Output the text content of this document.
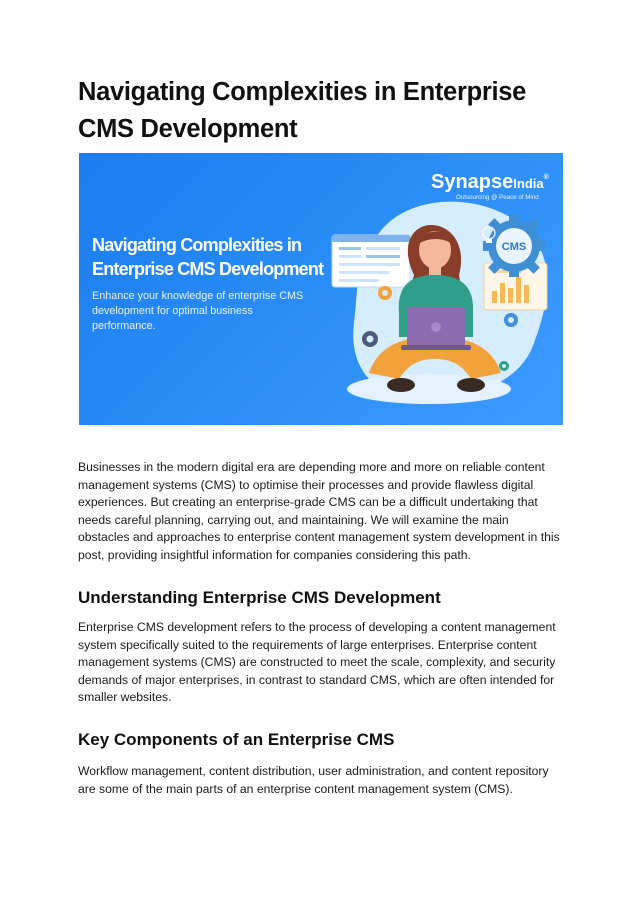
Navigating Complexities in Enterprise CMS Development
CMS
SynapseIndia®
Outsourcing @ Peace of Mind
Navigating Complexities in
Enterprise CMS Development
Enhance your knowledge of enterprise CMS
development for optimal business
performance.

Businesses in the modern digital era are depending more and more on reliable content management systems (CMS) to optimise their processes and provide flawless digital experiences. But creating an enterprise-grade CMS can be a difficult undertaking that needs careful planning, carrying out, and maintaining. We will examine the main obstacles and approaches to enterprise content management system development in this post, providing insightful information for companies considering this path.

Understanding Enterprise CMS Development

Enterprise CMS development refers to the process of developing a content management system specifically suited to the requirements of large enterprises. Enterprise content management systems (CMS) are constructed to meet the scale, complexity, and security demands of major enterprises, in contrast to standard CMS, which are often intended for smaller websites.

Key Components of an Enterprise CMS

Workflow management, content distribution, user administration, and content repository are some of the main parts of an enterprise content management system (CMS).
